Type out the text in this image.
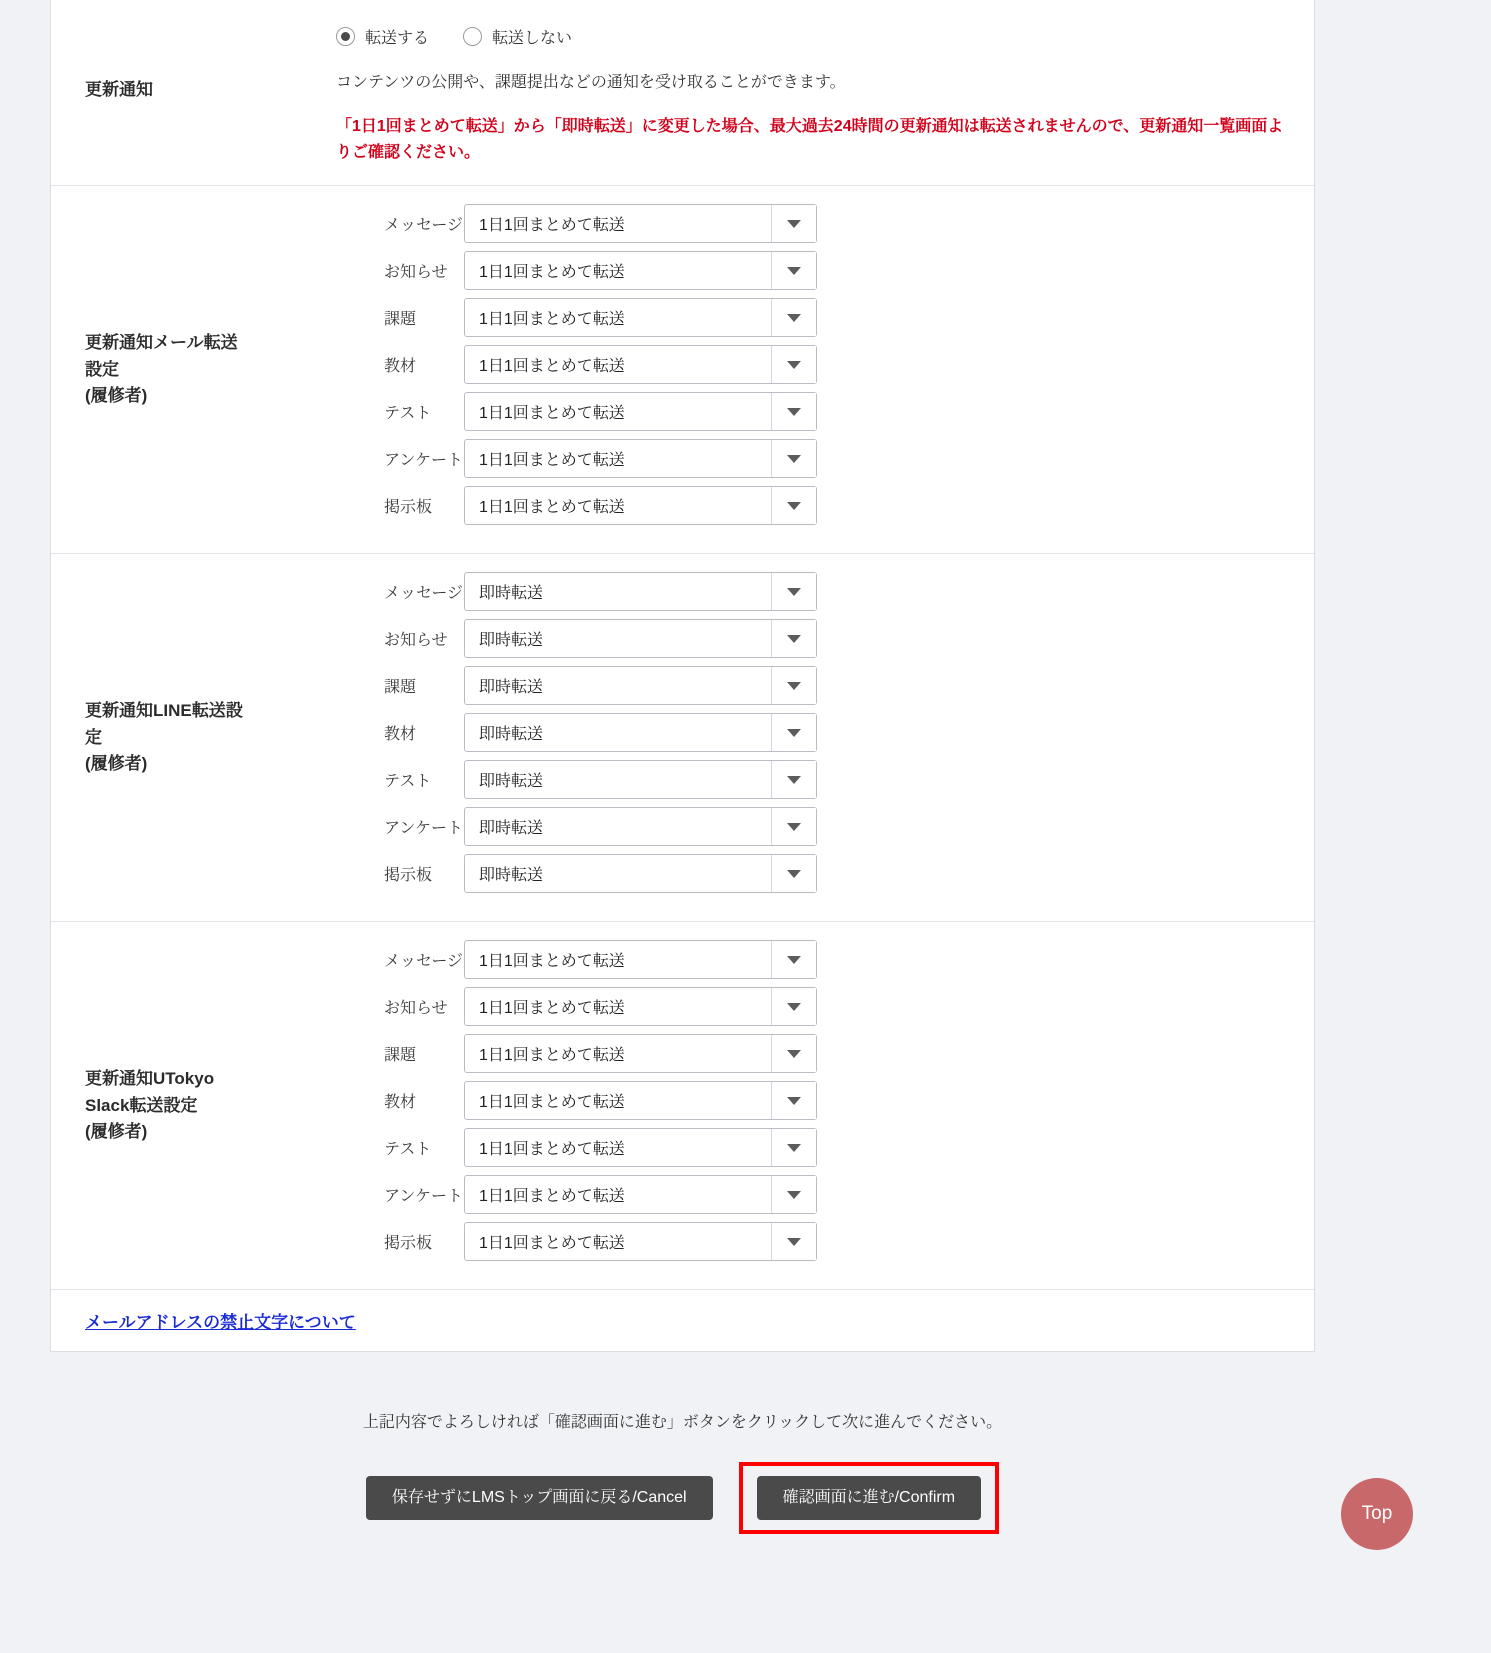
更新通知
転送する	転送しない
コンテンツの公開や、課題提出などの通知を受け取ることができます。
「1日1回まとめて転送」から「即時転送」に変更した場合、最大過去24時間の更新通知は転送されませんので、更新通知一覧画面よりご確認ください。
更新通知メール転送
設定
(履修者)
メッセージ 1日1回まとめて転送
お知らせ	1日1回まとめて転送
課題	1日1回まとめて転送
教材	1日1回まとめて転送
テスト	1日1回まとめて転送
アンケート 1日1回まとめて転送
掲示板	1日1回まとめて転送
更新通知LINE転送設
定
(履修者)
メッセージ 即時転送
お知らせ	即時転送
課題	即時転送
教材	即時転送
テスト	即時転送
アンケート 即時転送
掲示板	即時転送
更新通知UTokyo
Slack転送設定
(履修者)
メッセージ 1日1回まとめて転送
お知らせ	1日1回まとめて転送
課題	1日1回まとめて転送
教材	1日1回まとめて転送
テスト	1日1回まとめて転送
アンケート 1日1回まとめて転送
掲示板	1日1回まとめて転送
メールアドレスの禁止文字について
上記内容でよろしければ「確認画面に進む」ボタンをクリックして次に進んでください。
保存せずにLMSトップ画面に戻る/Cancel	確認画面に進む/Confirm
Top
